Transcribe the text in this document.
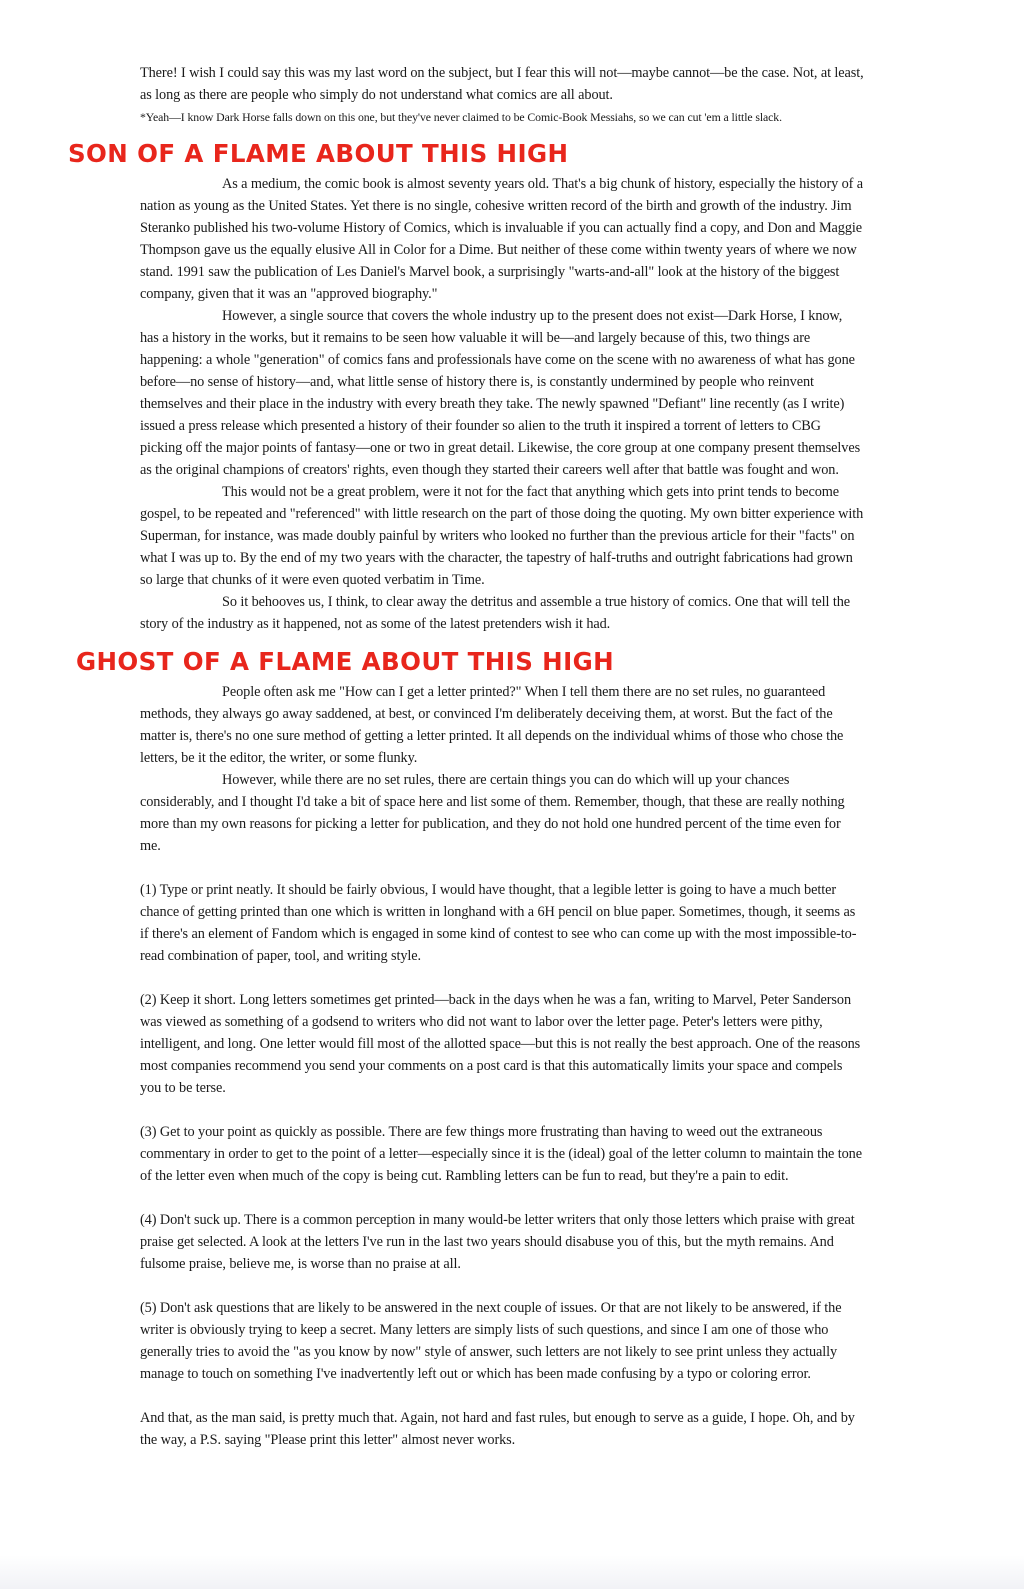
There! I wish I could say this was my last word on the subject, but I fear this will not—maybe cannot—be the case. Not, at least, as long as there are people who simply do not understand what comics are all about.

*Yeah—I know Dark Horse falls down on this one, but they've never claimed to be Comic-Book Messiahs, so we can cut 'em a little slack.

SON OF A FLAME ABOUT THIS HIGH

As a medium, the comic book is almost seventy years old. That's a big chunk of history, especially the history of a nation as young as the United States. Yet there is no single, cohesive written record of the birth and growth of the industry. Jim Steranko published his two-volume History of Comics, which is invaluable if you can actually find a copy, and Don and Maggie Thompson gave us the equally elusive All in Color for a Dime. But neither of these come within twenty years of where we now stand. 1991 saw the publication of Les Daniel's Marvel book, a surprisingly "warts-and-all" look at the history of the biggest company, given that it was an "approved biography."

However, a single source that covers the whole industry up to the present does not exist—Dark Horse, I know, has a history in the works, but it remains to be seen how valuable it will be—and largely because of this, two things are happening: a whole "generation" of comics fans and professionals have come on the scene with no awareness of what has gone before—no sense of history—and, what little sense of history there is, is constantly undermined by people who reinvent themselves and their place in the industry with every breath they take. The newly spawned "Defiant" line recently (as I write) issued a press release which presented a history of their founder so alien to the truth it inspired a torrent of letters to CBG picking off the major points of fantasy—one or two in great detail. Likewise, the core group at one company present themselves as the original champions of creators' rights, even though they started their careers well after that battle was fought and won.

This would not be a great problem, were it not for the fact that anything which gets into print tends to become gospel, to be repeated and "referenced" with little research on the part of those doing the quoting. My own bitter experience with Superman, for instance, was made doubly painful by writers who looked no further than the previous article for their "facts" on what I was up to. By the end of my two years with the character, the tapestry of half-truths and outright fabrications had grown so large that chunks of it were even quoted verbatim in Time.

So it behooves us, I think, to clear away the detritus and assemble a true history of comics. One that will tell the story of the industry as it happened, not as some of the latest pretenders wish it had.

GHOST OF A FLAME ABOUT THIS HIGH

People often ask me "How can I get a letter printed?" When I tell them there are no set rules, no guaranteed methods, they always go away saddened, at best, or convinced I'm deliberately deceiving them, at worst. But the fact of the matter is, there's no one sure method of getting a letter printed. It all depends on the individual whims of those who chose the letters, be it the editor, the writer, or some flunky.

However, while there are no set rules, there are certain things you can do which will up your chances considerably, and I thought I'd take a bit of space here and list some of them. Remember, though, that these are really nothing more than my own reasons for picking a letter for publication, and they do not hold one hundred percent of the time even for me.

(1) Type or print neatly. It should be fairly obvious, I would have thought, that a legible letter is going to have a much better chance of getting printed than one which is written in longhand with a 6H pencil on blue paper. Sometimes, though, it seems as if there's an element of Fandom which is engaged in some kind of contest to see who can come up with the most impossible-to-read combination of paper, tool, and writing style.

(2) Keep it short. Long letters sometimes get printed—back in the days when he was a fan, writing to Marvel, Peter Sanderson was viewed as something of a godsend to writers who did not want to labor over the letter page. Peter's letters were pithy, intelligent, and long. One letter would fill most of the allotted space—but this is not really the best approach. One of the reasons most companies recommend you send your comments on a post card is that this automatically limits your space and compels you to be terse.

(3) Get to your point as quickly as possible. There are few things more frustrating than having to weed out the extraneous commentary in order to get to the point of a letter—especially since it is the (ideal) goal of the letter column to maintain the tone of the letter even when much of the copy is being cut. Rambling letters can be fun to read, but they're a pain to edit.

(4) Don't suck up. There is a common perception in many would-be letter writers that only those letters which praise with great praise get selected. A look at the letters I've run in the last two years should disabuse you of this, but the myth remains. And fulsome praise, believe me, is worse than no praise at all.

(5) Don't ask questions that are likely to be answered in the next couple of issues. Or that are not likely to be answered, if the writer is obviously trying to keep a secret. Many letters are simply lists of such questions, and since I am one of those who generally tries to avoid the "as you know by now" style of answer, such letters are not likely to see print unless they actually manage to touch on something I've inadvertently left out or which has been made confusing by a typo or coloring error.

And that, as the man said, is pretty much that. Again, not hard and fast rules, but enough to serve as a guide, I hope. Oh, and by the way, a P.S. saying "Please print this letter" almost never works.
